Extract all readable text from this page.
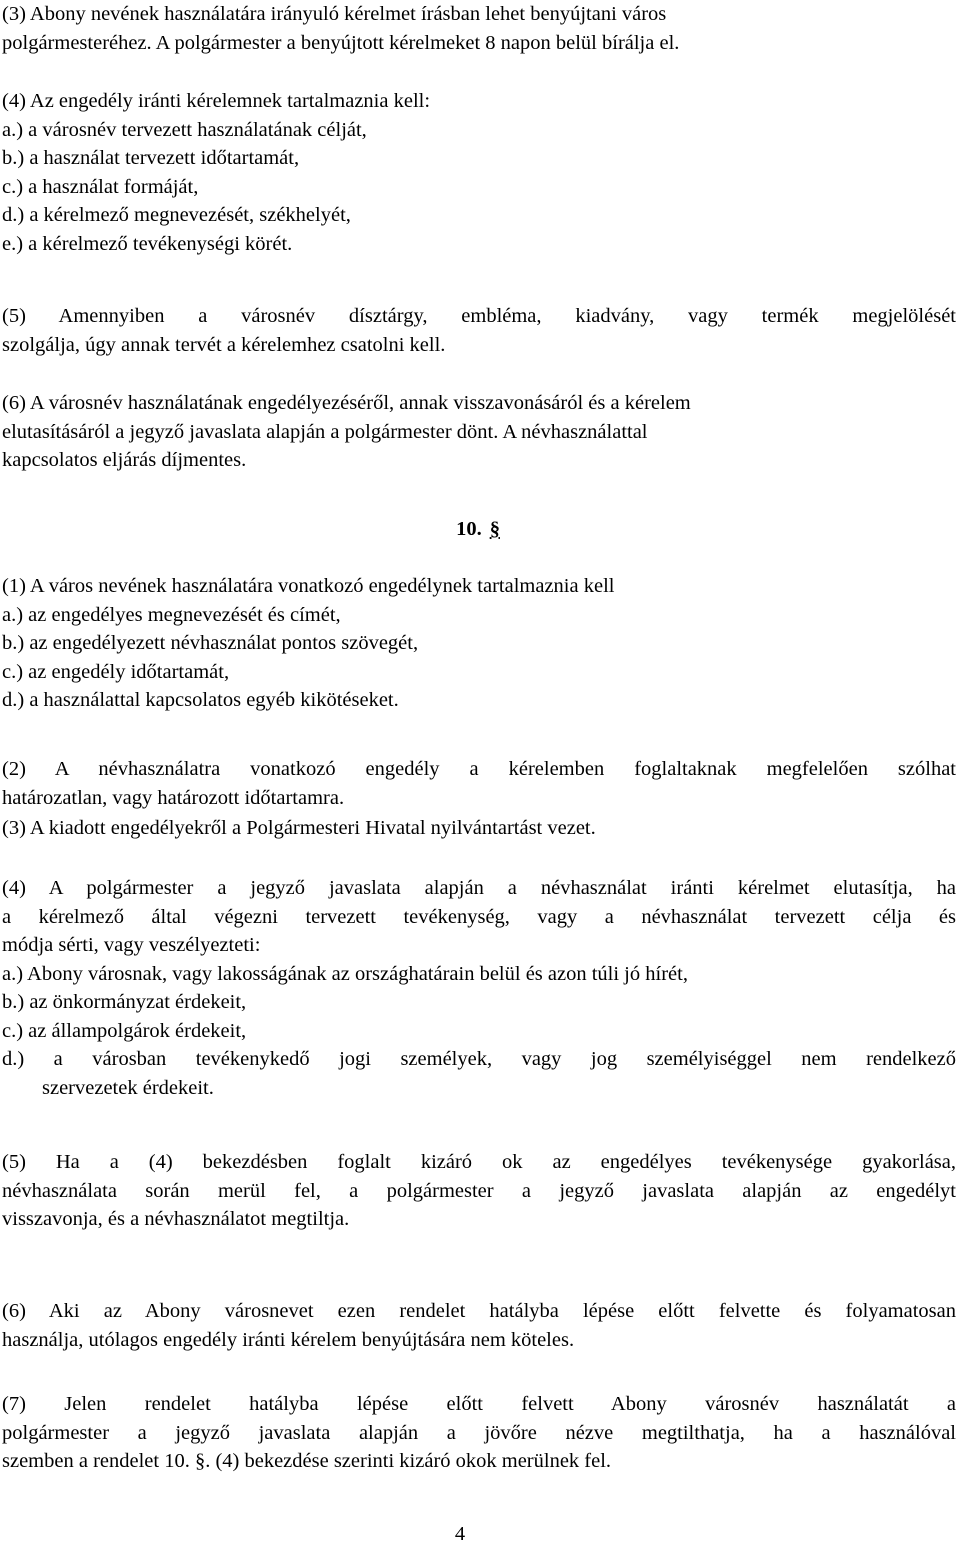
(3) Abony nevének használatára irányuló kérelmet írásban lehet benyújtani város
polgármesteréhez. A polgármester a benyújtott kérelmeket 8 napon belül bírálja el.
(4) Az engedély iránti kérelemnek tartalmaznia kell:
a.) a városnév tervezett használatának célját,
b.) a használat tervezett időtartamát,
c.) a használat formáját,
d.) a kérelmező megnevezését, székhelyét,
e.) a kérelmező tevékenységi körét.
(5) Amennyiben a városnév dísztárgy, embléma, kiadvány, vagy termék megjelölését
szolgálja, úgy annak tervét a kérelemhez csatolni kell.
(6) A városnév használatának engedélyezéséről, annak visszavonásáról és a kérelem
elutasításáról a jegyző javaslata alapján a polgármester dönt. A névhasználattal
kapcsolatos eljárás díjmentes.
10. §
(1) A város nevének használatára vonatkozó engedélynek tartalmaznia kell
a.) az engedélyes megnevezését és címét,
b.) az engedélyezett névhasználat pontos szövegét,
c.) az engedély időtartamát,
d.) a használattal kapcsolatos egyéb kikötéseket.
(2) A névhasználatra vonatkozó engedély a kérelemben foglaltaknak megfelelően szólhat
határozatlan, vagy határozott időtartamra.
(3) A kiadott engedélyekről a Polgármesteri Hivatal nyilvántartást vezet.
(4) A polgármester a jegyző javaslata alapján a névhasználat iránti kérelmet elutasítja, ha
a kérelmező által végezni tervezett tevékenység, vagy a névhasználat tervezett célja és
módja sérti, vagy veszélyezteti:
a.) Abony városnak, vagy lakosságának az országhatárain belül és azon túli jó hírét,
b.) az önkormányzat érdekeit,
c.) az állampolgárok érdekeit,
d.) a városban tevékenykedő jogi személyek, vagy jog személyiséggel nem rendelkező
szervezetek érdekeit.
(5) Ha a (4) bekezdésben foglalt kizáró ok az engedélyes tevékenysége gyakorlása,
névhasználata során merül fel, a polgármester a jegyző javaslata alapján az engedélyt
visszavonja, és a névhasználatot megtiltja.
(6) Aki az Abony városnevet ezen rendelet hatályba lépése előtt felvette és folyamatosan
használja, utólagos engedély iránti kérelem benyújtására nem köteles.
(7) Jelen rendelet hatályba lépése előtt felvett Abony városnév használatát a
polgármester a jegyző javaslata alapján a jövőre nézve megtilthatja, ha a használóval
szemben a rendelet 10. §. (4) bekezdése szerinti kizáró okok merülnek fel.
4
